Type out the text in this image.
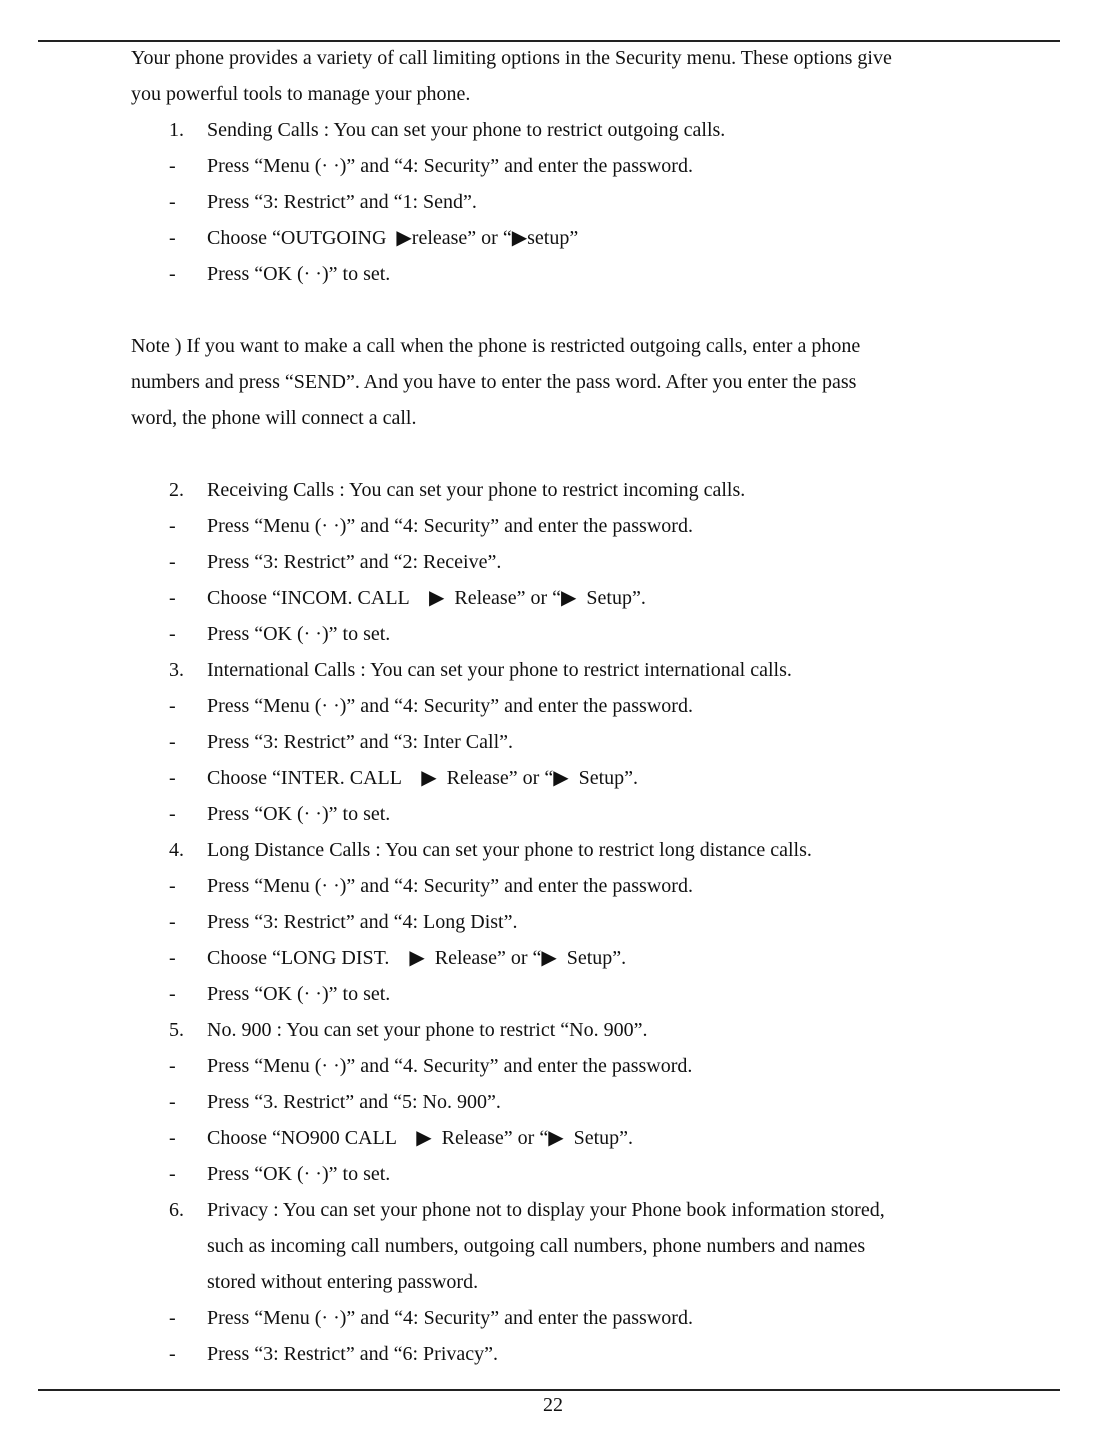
Your phone provides a variety of call limiting options in the Security menu. These options give

you powerful tools to manage your phone.

1.	Sending Calls : You can set your phone to restrict outgoing calls.
-	Press “Menu (· ·)” and “4: Security” and enter the password.
-	Press “3: Restrict” and “1: Send”.
-	Choose “OUTGOING  ▶release” or “▶setup”
-	Press “OK (· ·)” to set.

Note ) If you want to make a call when the phone is restricted outgoing calls, enter a phone

numbers and press “SEND”. And you have to enter the pass word. After you enter the pass

word, the phone will connect a call.

2.	Receiving Calls : You can set your phone to restrict incoming calls.
-	Press “Menu (· ·)” and “4: Security” and enter the password.
-	Press “3: Restrict” and “2: Receive”.
-	Choose “INCOM. CALL    ▶  Release” or “▶  Setup”.
-	Press “OK (· ·)” to set.
3.	International Calls : You can set your phone to restrict international calls.
-	Press “Menu (· ·)” and “4: Security” and enter the password.
-	Press “3: Restrict” and “3: Inter Call”.
-	Choose “INTER. CALL    ▶  Release” or “▶  Setup”.
-	Press “OK (· ·)” to set.
4.	Long Distance Calls : You can set your phone to restrict long distance calls.
-	Press “Menu (· ·)” and “4: Security” and enter the password.
-	Press “3: Restrict” and “4: Long Dist”.
-	Choose “LONG DIST.    ▶  Release” or “▶  Setup”.
-	Press “OK (· ·)” to set.
5.	No. 900 : You can set your phone to restrict “No. 900”.
-	Press “Menu (· ·)” and “4. Security” and enter the password.
-	Press “3. Restrict” and “5: No. 900”.
-	Choose “NO900 CALL    ▶  Release” or “▶  Setup”.
-	Press “OK (· ·)” to set.
6.	Privacy : You can set your phone not to display your Phone book information stored,
such as incoming call numbers, outgoing call numbers, phone numbers and names
stored without entering password.
-	Press “Menu (· ·)” and “4: Security” and enter the password.
-	Press “3: Restrict” and “6: Privacy”.
22
